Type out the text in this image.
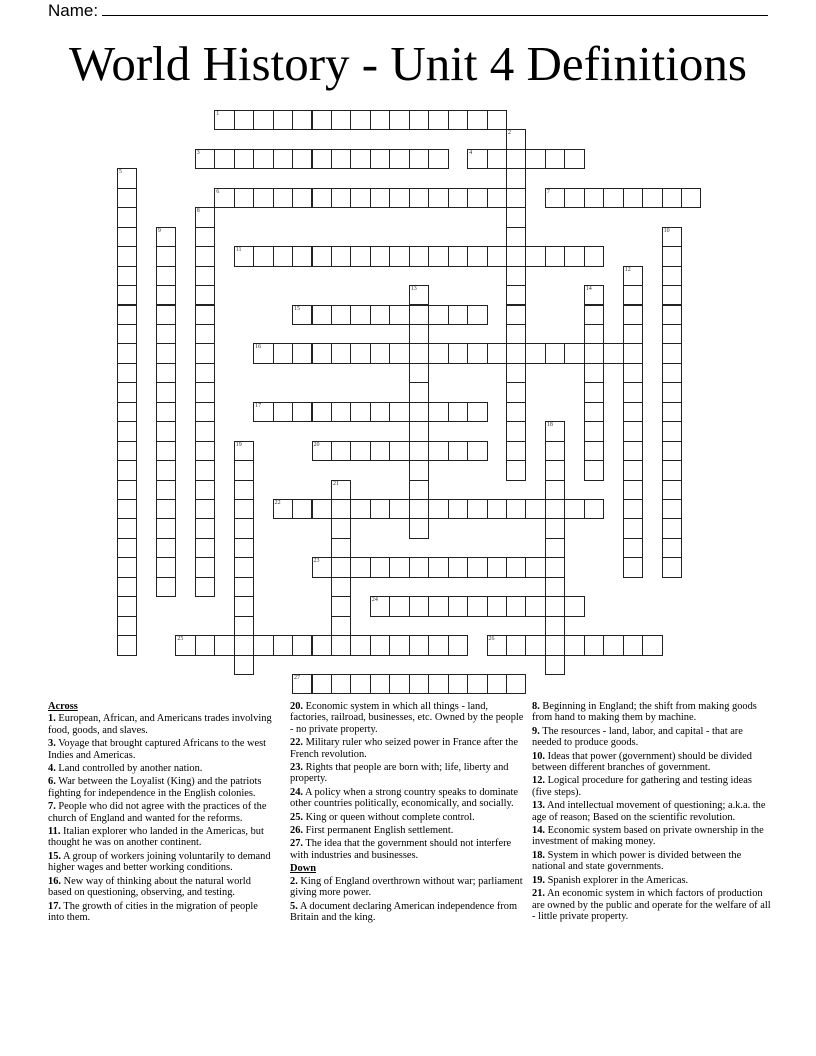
Name:
World History - Unit 4 Definitions
1
2
3	4
5
6	7
8
9	10
11
12
13	14
15
16
17
18
19	20
21
22
23
24
25	26
27
Across
1. European, African, and Americans trades involving food, goods, and slaves.
3. Voyage that brought captured Africans to the west Indies and Americas.
4. Land controlled by another nation.
6. War between the Loyalist (King) and the patriots fighting for independence in the English colonies.
7. People who did not agree with the practices of the church of England and wanted for the reforms.
11. Italian explorer who landed in the Americas, but thought he was on another continent.
15. A group of workers joining voluntarily to demand higher wages and better working conditions.
16. New way of thinking about the natural world based on questioning, observing, and testing.
17. The growth of cities in the migration of people into them.
20. Economic system in which all things - land, factories, railroad, businesses, etc. Owned by the people - no private property.
22. Military ruler who seized power in France after the French revolution.
23. Rights that people are born with; life, liberty and property.
24. A policy when a strong country speaks to dominate other countries politically, economically, and socially.
25. King or queen without complete control.
26. First permanent English settlement.
27. The idea that the government should not interfere with industries and businesses.
Down
2. King of England overthrown without war; parliament giving more power.
5. A document declaring American independence from Britain and the king.
8. Beginning in England; the shift from making goods from hand to making them by machine.
9. The resources - land, labor, and capital - that are needed to produce goods.
10. Ideas that power (government) should be divided between different branches of government.
12. Logical procedure for gathering and testing ideas (five steps).
13. And intellectual movement of questioning; a.k.a. the age of reason; Based on the scientific revolution.
14. Economic system based on private ownership in the investment of making money.
18. System in which power is divided between the national and state governments.
19. Spanish explorer in the Americas.
21. An economic system in which factors of production are owned by the public and operate for the welfare of all - little private property.
